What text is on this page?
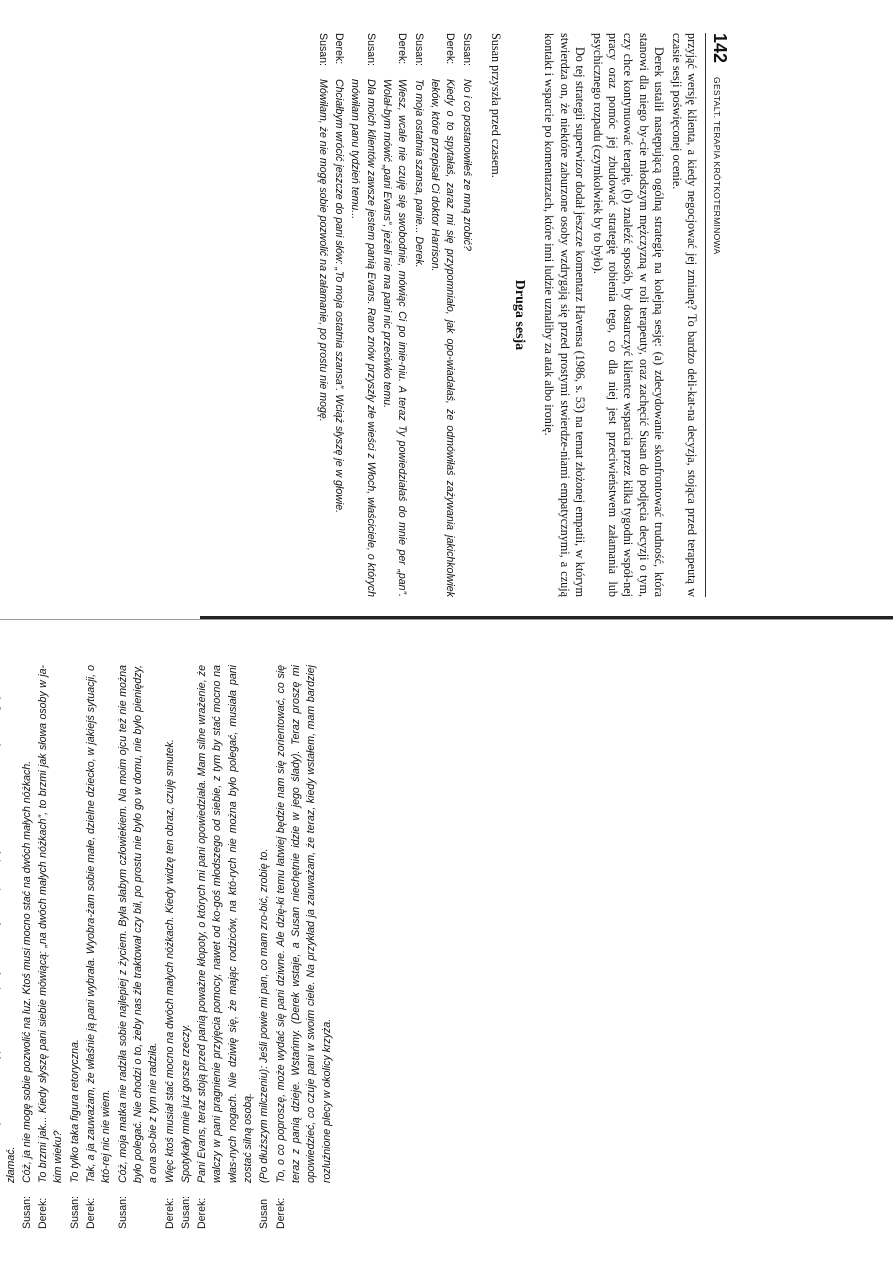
142
GESTALT. TERAPIA KRÓTKOTERMINOWA

przyjąć wersję klienta, a kiedy negocjować jej zmianę? To bardzo deli-kat-na decyzja, stojąca przed terapeutą w czasie sesji poświęconej ocenie.

Derek ustalił następującą ogólną strategię na kolejną sesję: (a) zdecydowanie skonfrontować trudność, która stanowi dla niego by-cie młodszym mężczyzną w roli terapeuty, oraz zachęcić Susan do podjęcia decyzji o tym, czy chce kontynuować terapię, (b) znaleźć sposób, by dostarczyć klientce wsparcia przez kilka tygodni współ-nej pracy oraz pomóc jej zbudować strategię robienia tego, co dla niej jest przeciwieństwem załamania lub psychicznego rozpadu (czymkolwiek by to było).

Do tej strategii superwizor dodał jeszcze komentarz Havensa (1986, s. 53) na temat złożonej empatii, w którym stwierdza on, że niektóre zaburzone osoby wzdrygają się przed prostymi stwierdze-niami empatycznymi, a czują kontakt i wsparcie po komentarzach, które inni ludzie uznaliby za atak albo ironię.

Druga sesja

Susan przyszła przed czasem.

Susan:
No i co postanowiłeś ze mną zrobić?
Derek:
Kiedy o to spytałaś, zaraz mi się przypomniało, jak opo-wiadałaś, że odmówiłaś zażywania jakichkolwiek leków, które przepisał Ci doktor Harrison.
Susan:
To moja ostatnia szansa, panie... Derek.
Derek:
Wiesz, wcale nie czuję się swobodnie, mówiąc Ci po imie-niu. A teraz Ty powiedziałaś do mnie per „pan”. Wolał-bym mówić „pani Evans”, jeżeli nie ma pani nic przeciwko temu.
Susan:
Dla moich klientów zawsze jestem panią Evans. Rano znów przyszły złe wieści z Włoch, właściciele, o których mówiłam panu tydzień temu...
Derek:
Chciałbym wrócić jeszcze do pani słów: „To moja ostatnia szansa”. Wciąż słyszę je w głowie.
Susan:
Mówiłam, że nie mogę sobie pozwolić na załamanie, po prostu nie mogę.
złamać.
Susan:
Cóż, ja nie mogę sobie pozwolić na luz. Ktoś musi mocno stać na dwóch małych nóżkach.
Derek:
To brzmi jak... Kiedy słyszę pani siebie mówiącą: „na dwóch małych nóżkach”, to brzmi jak słowa osoby w ja-kim wieku?
Susan:
To tylko taka figura retoryczna.
Derek:
Tak, a ja zauważam, że właśnie ją pani wybrała. Wyobra-żam sobie małe, dzielne dziecko, w jakiejś sytuacji, o któ-rej nic nie wiem.
Susan:
Cóż, moja matka nie radziła sobie najlepiej z życiem. Była słabym człowiekiem. Na moim ojcu też nie można było polegać. Nie chodzi o to, żeby nas źle traktował czy bił, po prostu nie było go w domu, nie było pieniędzy, a ona so-bie z tym nie radziła.
Derek:
Więc ktoś musiał stać mocno na dwóch małych nóżkach. Kiedy widzę ten obraz, czuję smutek.
Susan:
Spotykały mnie już gorsze rzeczy.
Derek:
Pani Evans, teraz stoją przed panią poważne kłopoty, o których mi pani opowiedziała. Mam silne wrażenie, że walczy w pani pragnienie przyjęcia pomocy, nawet od ko-goś młodszego od siebie, z tym by stać mocno na włas-nych nogach. Nie dziwię się, że mając rodziców, na któ-rych nie można było polegać, musiała pani zostać silną osobą.
Susan
(Po dłuższym milczeniu): Jeśli powie mi pan, co mam zro-bić, zrobię to.
Derek:
To, o co poproszę, może wydać się pani dziwne. Ale dzię-ki temu łatwiej będzie nam się zorientować, co się teraz z panią dzieje. Wstańmy. (Derek wstaje, a Susan niechętnie idzie w jego ślady). Teraz proszę mi opowiedzieć, co czuje pani w swoim ciele. Na przykład ja zauważam, że teraz, kiedy wstałem, mam bardziej rozluźnione plecy w okolicy krzyża.
